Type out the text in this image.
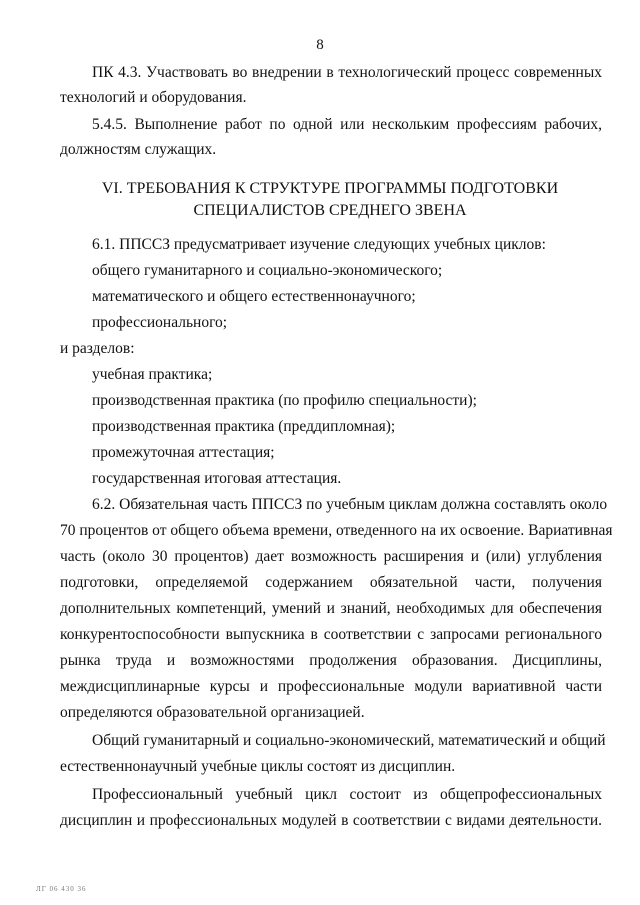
8
ПК 4.3. Участвовать во внедрении в технологический процесс современных
технологий и оборудования.
5.4.5. Выполнение работ по одной или нескольким профессиям рабочих,
должностям служащих.
VI. ТРЕБОВАНИЯ К СТРУКТУРЕ ПРОГРАММЫ ПОДГОТОВКИ
СПЕЦИАЛИСТОВ СРЕДНЕГО ЗВЕНА
6.1. ППССЗ предусматривает изучение следующих учебных циклов:
общего гуманитарного и социально-экономического;
математического и общего естественнонаучного;
профессионального;
и разделов:
учебная практика;
производственная практика (по профилю специальности);
производственная практика (преддипломная);
промежуточная аттестация;
государственная итоговая аттестация.
6.2. Обязательная часть ППССЗ по учебным циклам должна составлять около
70 процентов от общего объема времени, отведенного на их освоение. Вариативная
часть (около 30 процентов) дает возможность расширения и (или) углубления
подготовки, определяемой содержанием обязательной части, получения
дополнительных компетенций, умений и знаний, необходимых для обеспечения
конкурентоспособности выпускника в соответствии с запросами регионального
рынка труда и возможностями продолжения образования. Дисциплины,
междисциплинарные курсы и профессиональные модули вариативной части
определяются образовательной организацией.
Общий гуманитарный и социально-экономический, математический и общий
естественнонаучный учебные циклы состоят из дисциплин.
Профессиональный учебный цикл состоит из общепрофессиональных
дисциплин и профессиональных модулей в соответствии с видами деятельности.
ЛГ 06 430 36
